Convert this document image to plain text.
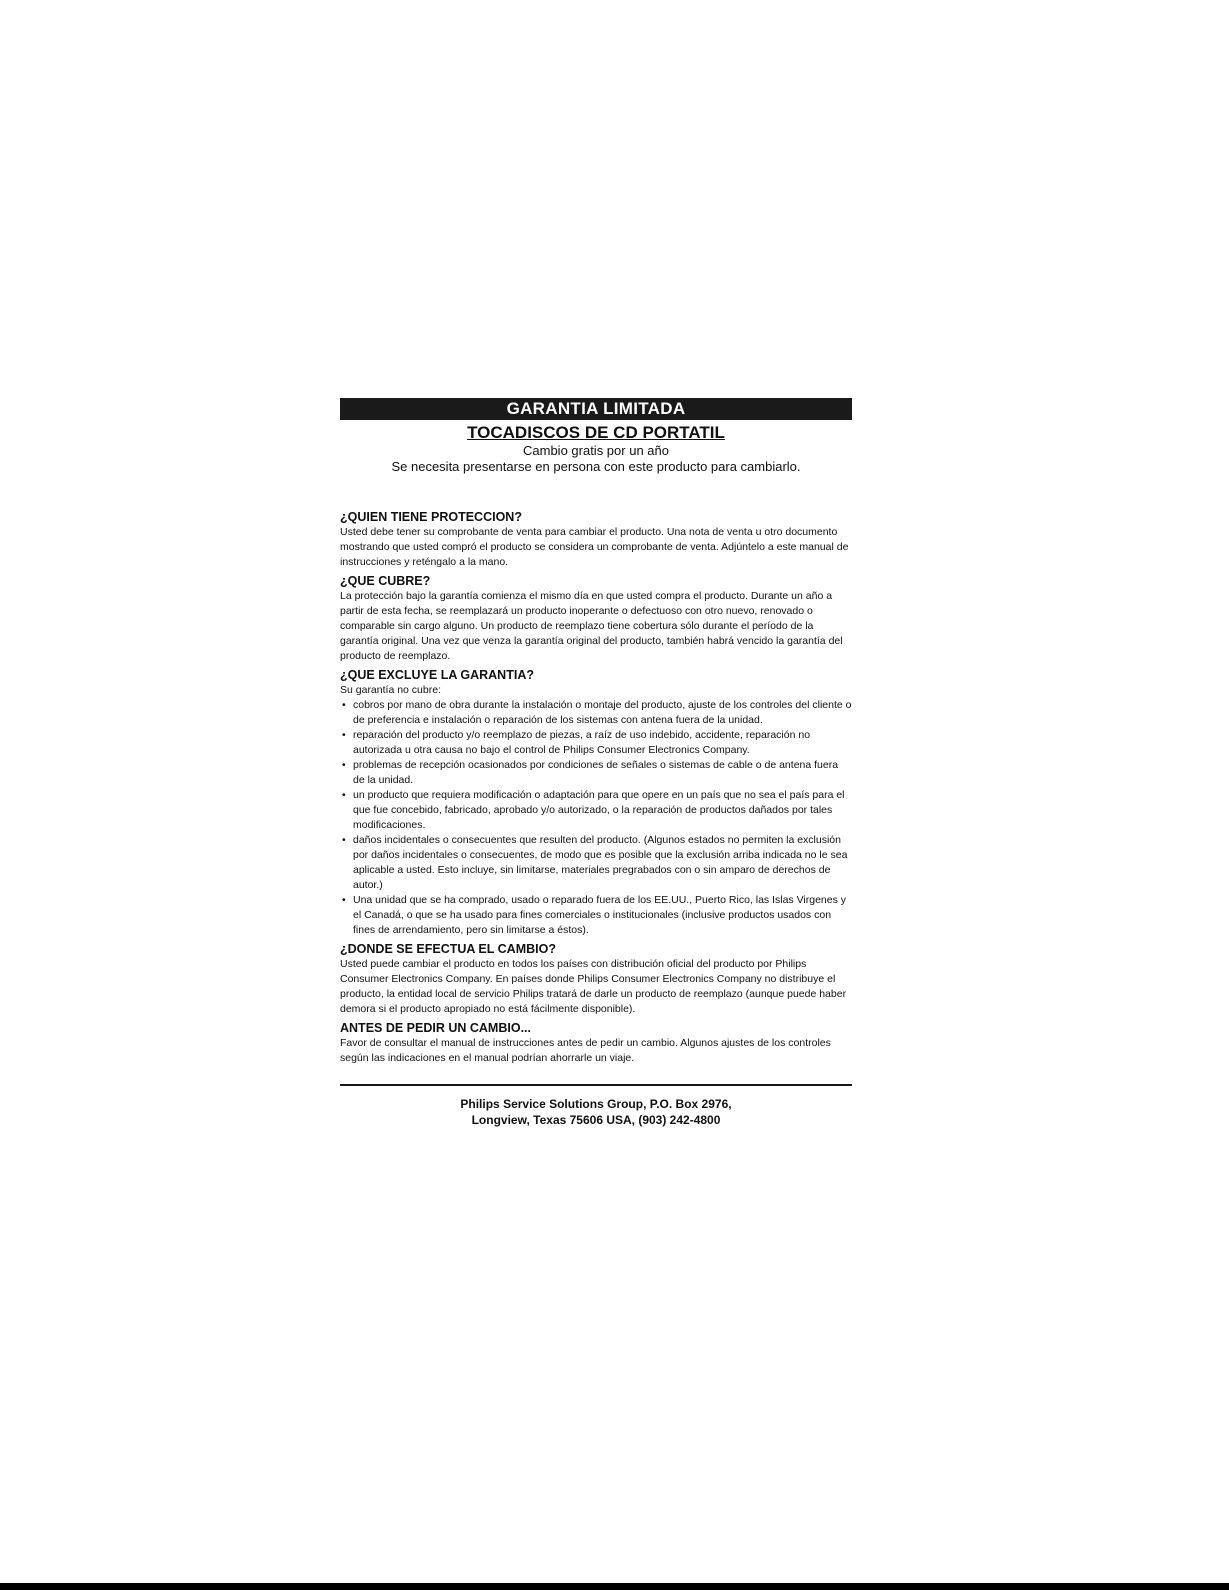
GARANTIA LIMITADA
TOCADISCOS DE CD PORTATIL
Cambio gratis por un año
Se necesita presentarse en persona con este producto para cambiarlo.

¿QUIEN TIENE PROTECCION?

Usted debe tener su comprobante de venta para cambiar el producto. Una nota de venta u otro documento mostrando que usted compró el producto se considera un comprobante de venta. Adjúntelo a este manual de instrucciones y reténgalo a la mano.

¿QUE CUBRE?

La protección bajo la garantía comienza el mismo día en que usted compra el producto. Durante un año a partir de esta fecha, se reemplazará un producto inoperante o defectuoso con otro nuevo, renovado o comparable sin cargo alguno. Un producto de reemplazo tiene cobertura sólo durante el período de la garantía original. Una vez que venza la garantía original del producto, también habrá vencido la garantía del producto de reemplazo.

¿QUE EXCLUYE LA GARANTIA?

Su garantía no cubre:

• cobros por mano de obra durante la instalación o montaje del producto, ajuste de los controles del cliente o de preferencia e instalación o reparación de los sistemas con antena fuera de la unidad.
• reparación del producto y/o reemplazo de piezas, a raíz de uso indebido, accidente, reparación no autorizada u otra causa no bajo el control de Philips Consumer Electronics Company.
• problemas de recepción ocasionados por condiciones de señales o sistemas de cable o de antena fuera de la unidad.
• un producto que requiera modificación o adaptación para que opere en un país que no sea el país para el que fue concebido, fabricado, aprobado y/o autorizado, o la reparación de productos dañados por tales modificaciones.
• daños incidentales o consecuentes que resulten del producto. (Algunos estados no permiten la exclusión por daños incidentales o consecuentes, de modo que es posible que la exclusión arriba indicada no le sea aplicable a usted. Esto incluye, sin limitarse, materiales pregrabados con o sin amparo de derechos de autor.)
• Una unidad que se ha comprado, usado o reparado fuera de los EE.UU., Puerto Rico, las Islas Virgenes y el Canadá, o que se ha usado para fines comerciales o institucionales (inclusive productos usados con fines de arrendamiento, pero sin limitarse a éstos).

¿DONDE SE EFECTUA EL CAMBIO?

Usted puede cambiar el producto en todos los países con distribución oficial del producto por Philips Consumer Electronics Company. En países donde Philips Consumer Electronics Company no distribuye el producto, la entidad local de servicio Philips tratará de darle un producto de reemplazo (aunque puede haber demora si el producto apropiado no está fácilmente disponible).

ANTES DE PEDIR UN CAMBIO...

Favor de consultar el manual de instrucciones antes de pedir un cambio. Algunos ajustes de los controles según las indicaciones en el manual podrían ahorrarle un viaje.

Philips Service Solutions Group, P.O. Box 2976,
Longview, Texas 75606 USA, (903) 242-4800
